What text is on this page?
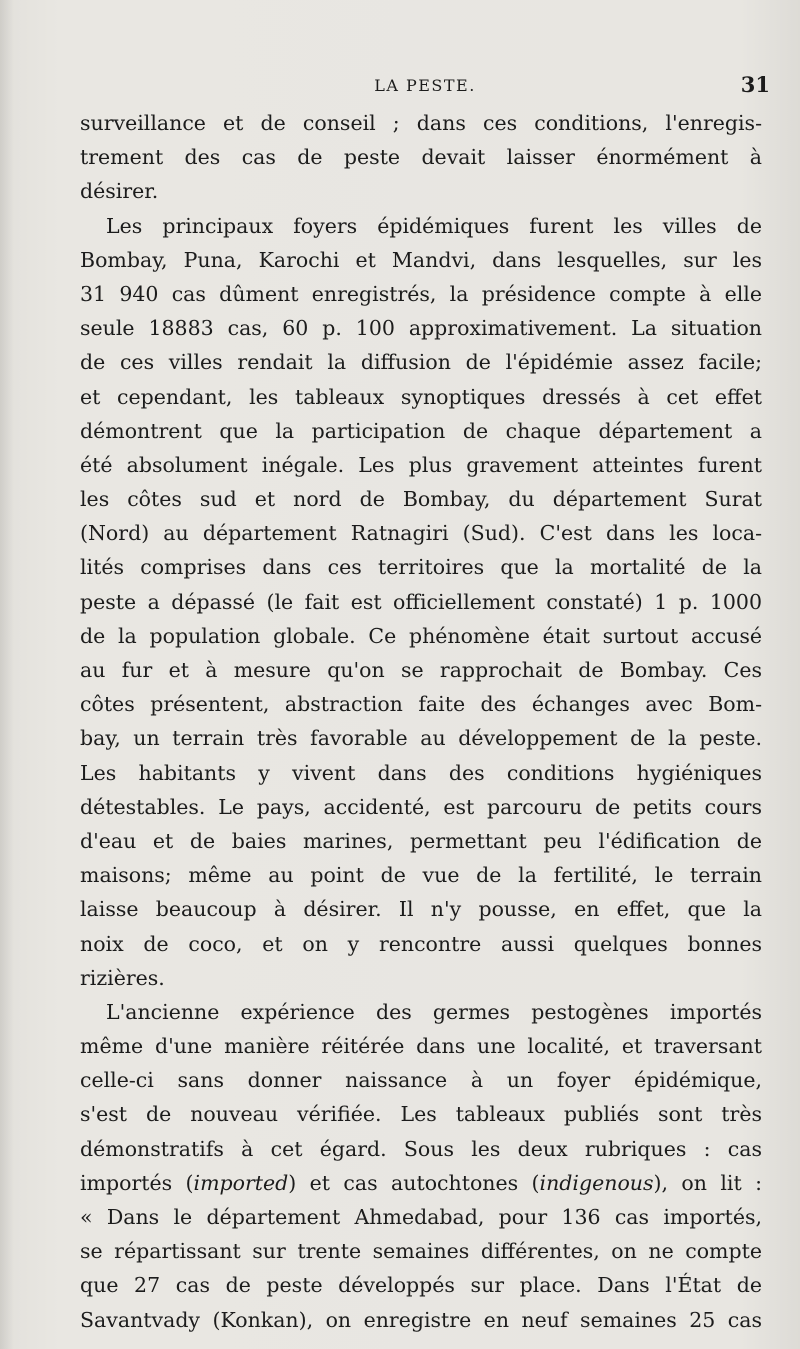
LA PESTE.	31
surveillance et de conseil ; dans ces conditions, l'enregis-
trement des cas de peste devait laisser énormément à
désirer.
Les principaux foyers épidémiques furent les villes de
Bombay, Puna, Karochi et Mandvi, dans lesquelles, sur les
31 940 cas dûment enregistrés, la présidence compte à elle
seule 18883 cas, 60 p. 100 approximativement. La situation
de ces villes rendait la diffusion de l'épidémie assez facile;
et cependant, les tableaux synoptiques dressés à cet effet
démontrent que la participation de chaque département a
été absolument inégale. Les plus gravement atteintes furent
les côtes sud et nord de Bombay, du département Surat
(Nord) au département Ratnagiri (Sud). C'est dans les loca-
lités comprises dans ces territoires que la mortalité de la
peste a dépassé (le fait est officiellement constaté) 1 p. 1000
de la population globale. Ce phénomène était surtout accusé
au fur et à mesure qu'on se rapprochait de Bombay. Ces
côtes présentent, abstraction faite des échanges avec Bom-
bay, un terrain très favorable au développement de la peste.
Les habitants y vivent dans des conditions hygiéniques
détestables. Le pays, accidenté, est parcouru de petits cours
d'eau et de baies marines, permettant peu l'édification de
maisons; même au point de vue de la fertilité, le terrain
laisse beaucoup à désirer. Il n'y pousse, en effet, que la
noix de coco, et on y rencontre aussi quelques bonnes
rizières.
L'ancienne expérience des germes pestogènes importés
même d'une manière réitérée dans une localité, et traversant
celle-ci sans donner naissance à un foyer épidémique,
s'est de nouveau vérifiée. Les tableaux publiés sont très
démonstratifs à cet égard. Sous les deux rubriques : cas
importés (imported) et cas autochtones (indigenous), on lit :
« Dans le département Ahmedabad, pour 136 cas importés,
se répartissant sur trente semaines différentes, on ne compte
que 27 cas de peste développés sur place. Dans l'État de
Savantvady (Konkan), on enregistre en neuf semaines 25 cas
